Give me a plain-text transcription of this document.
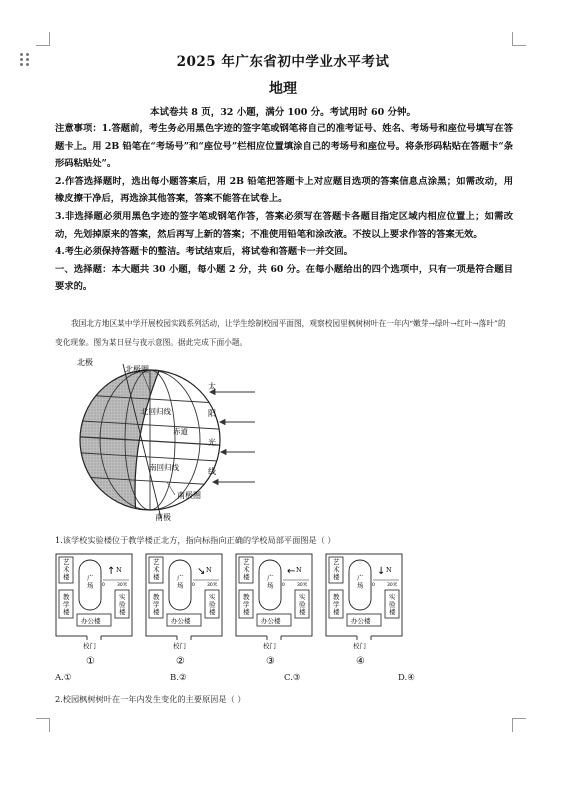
2025 年广东省初中学业水平考试
地理
本试卷共 8 页，32 小题，满分 100 分。考试用时 60 分钟。

注意事项：1.答题前，考生务必用黑色字迹的签字笔或钢笔将自己的准考证号、姓名、考场号和座位号填写在答题卡上。用 2B 铅笔在“考场号”和“座位号”栏相应位置填涂自己的考场号和座位号。将条形码粘贴在答题卡“条形码粘贴处”。

2.作答选择题时，选出每小题答案后，用 2B 铅笔把答题卡上对应题目选项的答案信息点涂黑；如需改动，用橡皮擦干净后，再选涂其他答案，答案不能答在试卷上。

3.非选择题必须用黑色字迹的签字笔或钢笔作答，答案必须写在答题卡各题目指定区域内相应位置上；如需改动，先划掉原来的答案，然后再写上新的答案；不准使用铅笔和涂改液。不按以上要求作答的答案无效。

4.考生必须保持答题卡的整洁。考试结束后，将试卷和答题卡一并交回。

一、选择题：本大题共 30 小题，每小题 2 分，共 60 分。在每小题给出的四个选项中，只有一项是符合题目要求的。

我国北方地区某中学开展校园实践系列活动，让学生绘制校园平面图，观察校园里枫树树叶在一年内“嫩芽→绿叶→红叶→落叶”的变化现象。图为某日昼与夜示意图。据此完成下面小题。
北极
北极圈
北回归线
赤道
南回归线
南极圈
南极
太
阳
光
线
1.该学校实验楼位于教学楼正北方，指向标指向正确的学校局部平面图是（ ）
艺术楼	广场
教学楼
实验楼
办公楼
0	30米
↑ N
校门
①
艺术楼	广场
教学楼
实验楼
办公楼
0	30米
↘ N
校门
②
艺术楼	广场
教学楼
实验楼
办公楼
0	30米
← N
校门
③
艺术楼	广场
教学楼
实验楼
办公楼
0	30米
↓ N
校门
④
A.①	B.②	C.③	D.④
2.校园枫树树叶在一年内发生变化的主要原因是（ ）
